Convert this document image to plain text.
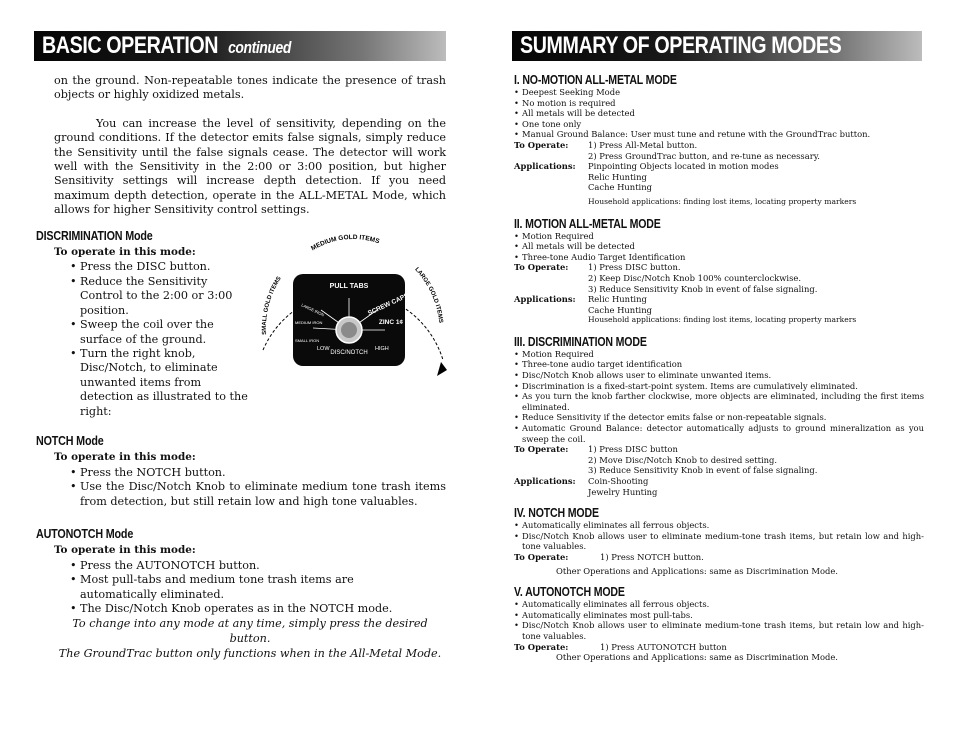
BASIC OPERATION continued	SUMMARY OF OPERATING MODES

on the ground. Non-repeatable tones indicate the presence of trash objects or highly oxidized metals.

You can increase the level of sensitivity, depending on the ground conditions. If the detector emits false signals, simply reduce the Sensitivity until the false signals cease. The detector will work well with the Sensitivity in the 2:00 or 3:00 position, but higher Sensitivity settings will increase depth detection. If you need maximum depth detection, operate in the ALL-METAL Mode, which allows for higher Sensitivity control settings.

DISCRIMINATION Mode
To operate in this mode:
• Press the DISC button.
• Reduce the Sensitivity Control to the 2:00 or 3:00 position.
• Sweep the coil over the surface of the ground.
• Turn the right knob, Disc/Notch, to eliminate unwanted items from detection as illustrated to the right:
NOTCH Mode
To operate in this mode:
• Press the NOTCH button.
• Use the Disc/Notch Knob to eliminate medium tone trash items from detection, but still retain low and high tone valuables.
AUTONOTCH Mode
To operate in this mode:
• Press the AUTONOTCH button.
• Most pull-tabs and medium tone trash items are automatically eliminated.
• The Disc/Notch Knob operates as in the NOTCH mode.
To change into any mode at any time, simply press the desired button.
The GroundTrac button only functions when in the All-Metal Mode.
MEDIUM GOLD ITEMS
SMALL GOLD ITEMS
LARGE GOLD ITEMS
PULL TABS
SCREW CAPS
ZINC 1¢
LARGE IRON
MEDIUM IRON
SMALL IRON
LOW	HIGH
DISC/NOTCH
I. NO-MOTION ALL-METAL MODE
• Deepest Seeking Mode
• No motion is required
• All metals will be detected
• One tone only
• Manual Ground Balance: User must tune and retune with the GroundTrac button.
To Operate:	1) Press All-Metal button.
2) Press GroundTrac button, and re-tune as necessary.
Applications:	Pinpointing Objects located in motion modes
Relic Hunting
Cache Hunting
Household applications: finding lost items, locating property markers
II. MOTION ALL-METAL MODE
• Motion Required
• All metals will be detected
• Three-tone Audio Target Identification
To Operate:	1) Press DISC button.
2) Keep Disc/Notch Knob 100% counterclockwise.
3) Reduce Sensitivity Knob in event of false signaling.
Applications:	Relic Hunting
Cache Hunting
Household applications: finding lost items, locating property markers
III. DISCRIMINATION MODE
• Motion Required
• Three-tone audio target identification
• Disc/Notch Knob allows user to eliminate unwanted items.
• Discrimination is a fixed-start-point system. Items are cumulatively eliminated.
• As you turn the knob farther clockwise, more objects are eliminated, including the first items eliminated.
• Reduce Sensitivity if the detector emits false or non-repeatable signals.
• Automatic Ground Balance: detector automatically adjusts to ground mineralization as you sweep the coil.
To Operate:	1) Press DISC button
2) Move Disc/Notch Knob to desired setting.
3) Reduce Sensitivity Knob in event of false signaling.
Applications:	Coin-Shooting
Jewelry Hunting
IV. NOTCH MODE
• Automatically eliminates all ferrous objects.
• Disc/Notch Knob allows user to eliminate medium-tone trash items, but retain low and high-tone valuables.
To Operate:	1) Press NOTCH button.
Other Operations and Applications: same as Discrimination Mode.
V. AUTONOTCH MODE
• Automatically eliminates all ferrous objects.
• Automatically eliminates most pull-tabs.
• Disc/Notch Knob allows user to eliminate medium-tone trash items, but retain low and high-tone valuables.
To Operate:	1) Press AUTONOTCH button
Other Operations and Applications: same as Discrimination Mode.
